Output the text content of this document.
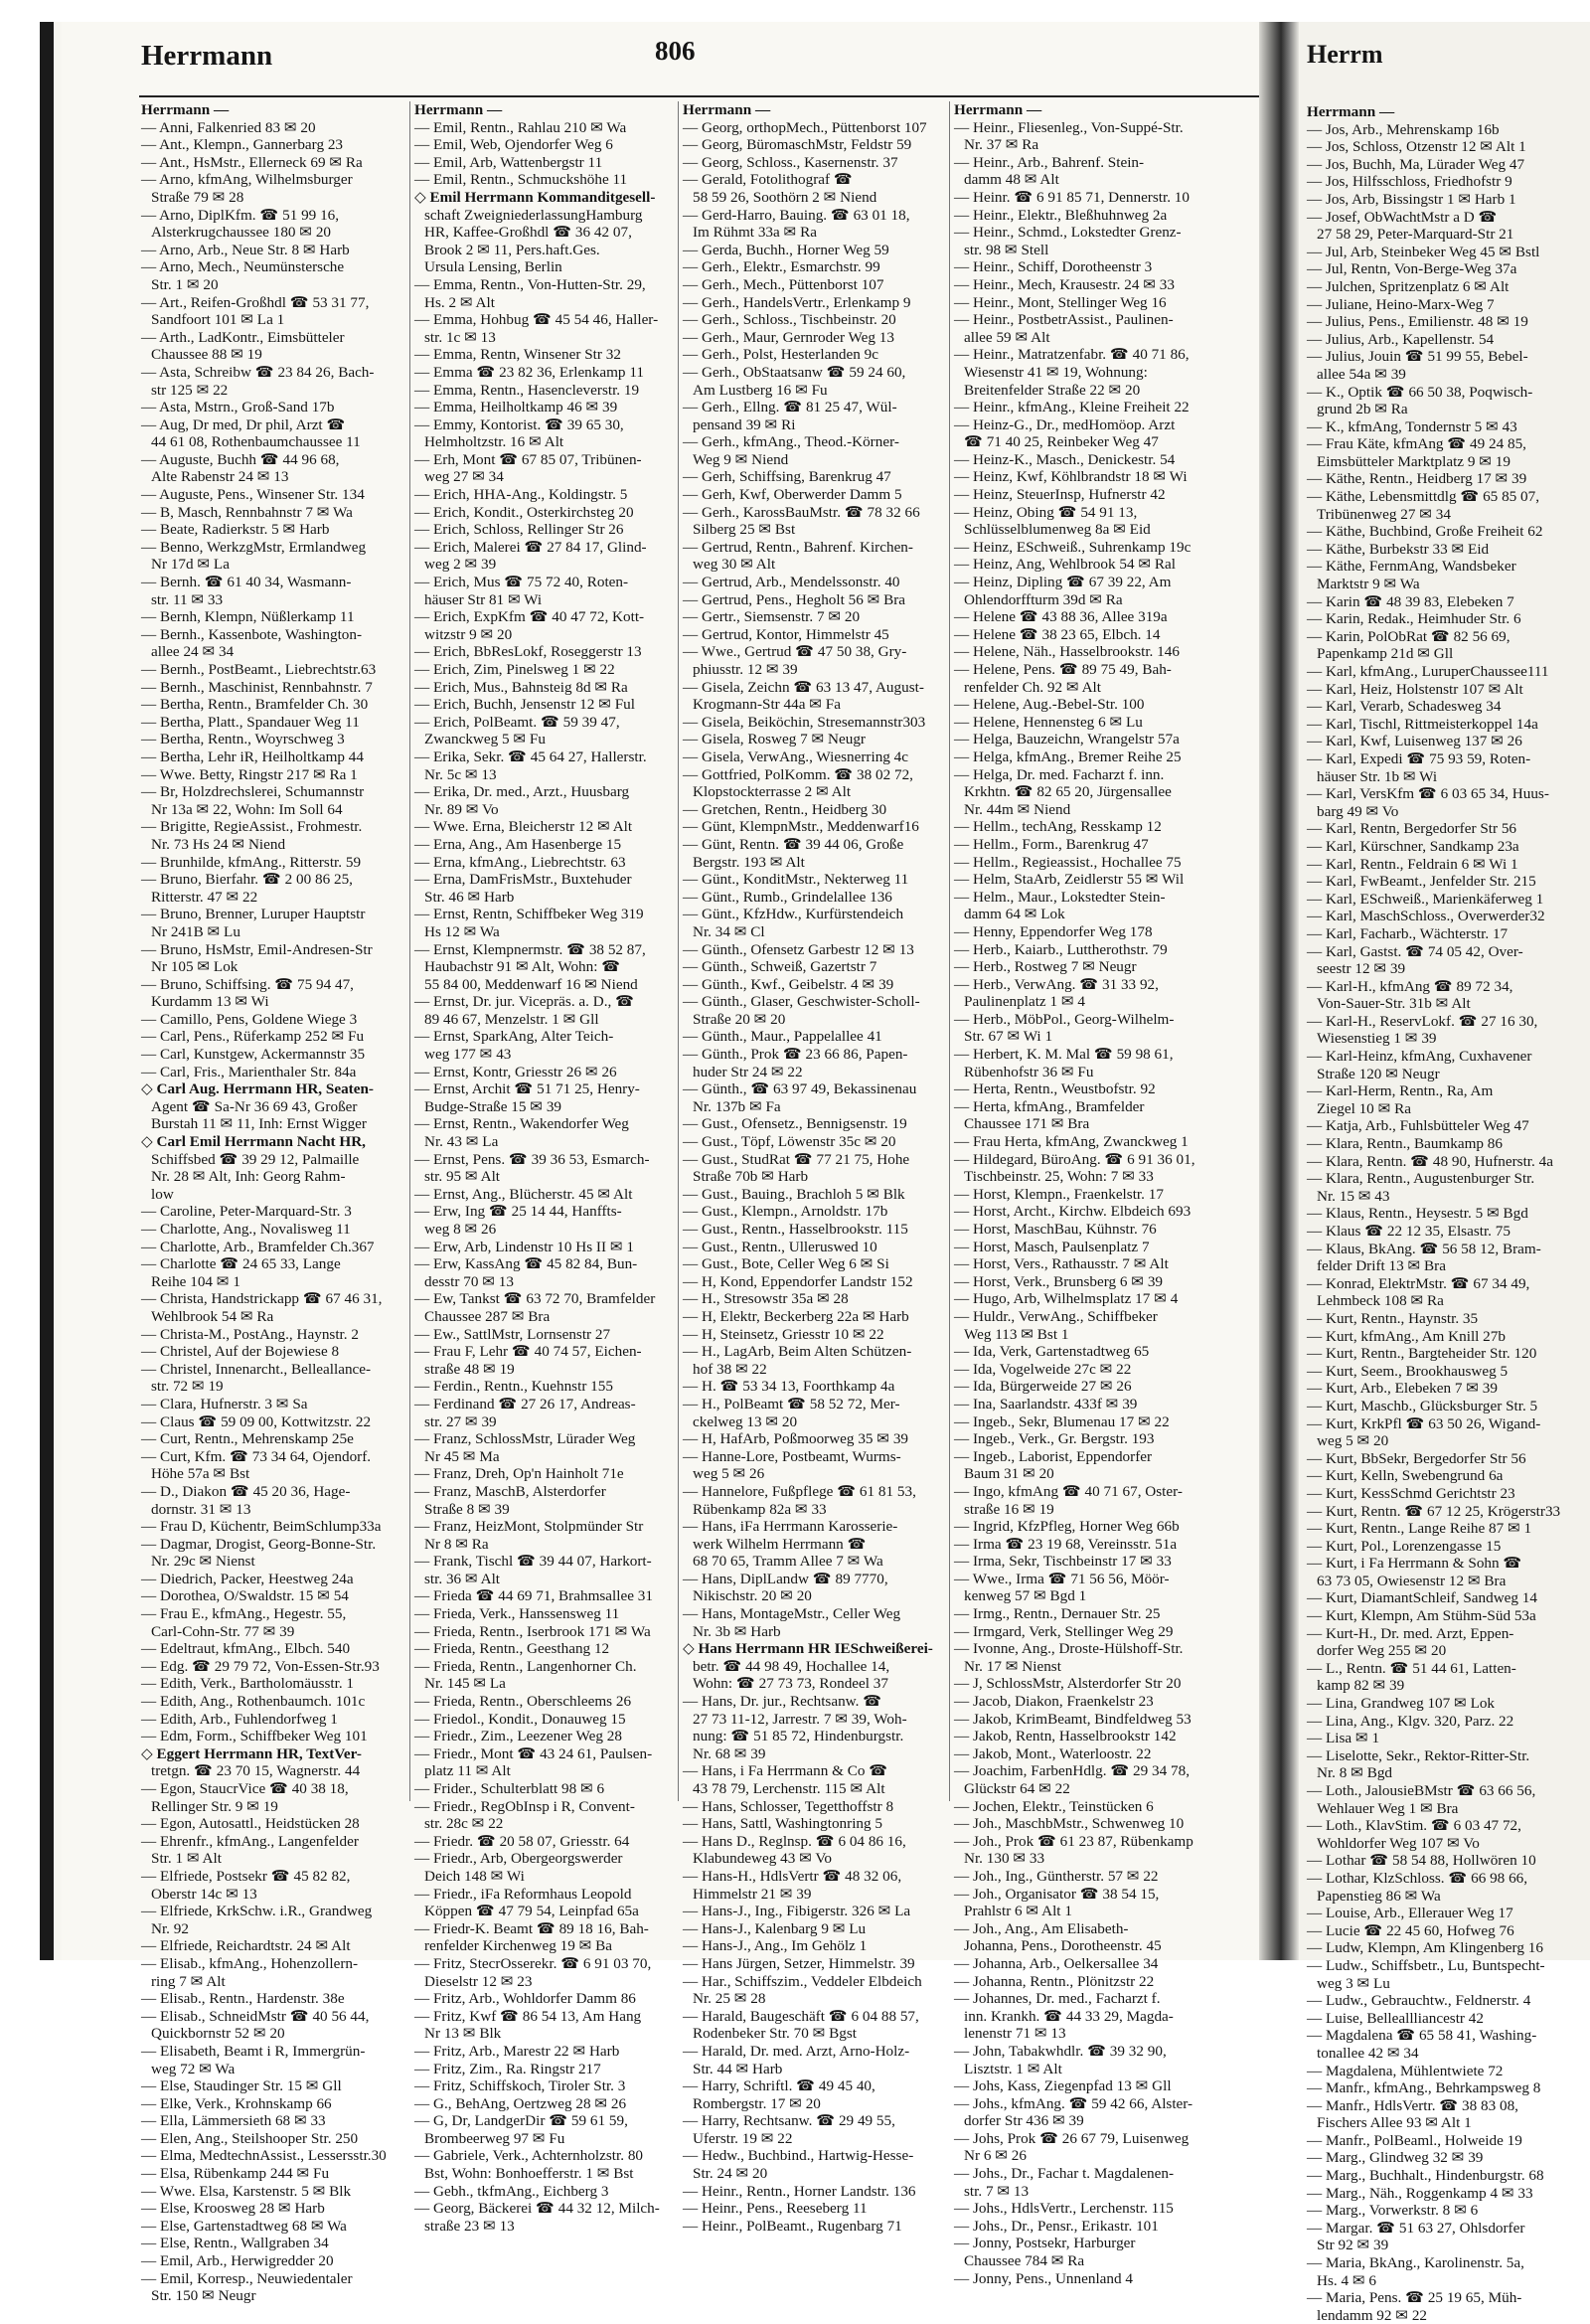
Herrmann	806
Herrmann —
— Anni, Falkenried 83 ✉ 20
— Ant., Klempn., Gannerbarg 23
— Ant., HsMstr., Ellerneck 69 ✉ Ra
— Arno, kfmAng, Wilhelmsburger
Straße 79 ✉ 28
— Arno, DiplKfm. ☎ 51 99 16,
Alsterkrugchaussee 180 ✉ 20
— Arno, Arb., Neue Str. 8 ✉ Harb
— Arno, Mech., Neumünstersche
Str. 1 ✉ 20
— Art., Reifen-Großhdl ☎ 53 31 77,
Sandfoort 101 ✉ La 1
— Arth., LadKontr., Eimsbütteler
Chaussee 88 ✉ 19
— Asta, Schreibw ☎ 23 84 26, Bach-
str 125 ✉ 22
— Asta, Mstrn., Groß-Sand 17b
— Aug, Dr med, Dr phil, Arzt ☎
44 61 08, Rothenbaumchaussee 11
— Auguste, Buchh ☎ 44 96 68,
Alte Rabenstr 24 ✉ 13
— Auguste, Pens., Winsener Str. 134
— B, Masch, Rennbahnstr 7 ✉ Wa
— Beate, Radierkstr. 5 ✉ Harb
— Benno, WerkzgMstr, Ermlandweg
Nr 17d ✉ La
— Bernh. ☎ 61 40 34, Wasmann-
str. 11 ✉ 33
— Bernh, Klempn, Nüßlerkamp 11
— Bernh., Kassenbote, Washington-
allee 24 ✉ 34
— Bernh., PostBeamt., Liebrechtstr.63
— Bernh., Maschinist, Rennbahnstr. 7
— Bertha, Rentn., Bramfelder Ch. 30
— Bertha, Platt., Spandauer Weg 11
— Bertha, Rentn., Woyrschweg 3
— Bertha, Lehr iR, Heilholtkamp 44
— Wwe. Betty, Ringstr 217 ✉ Ra 1
— Br, Holzdrechslerei, Schumannstr
Nr 13a ✉ 22, Wohn: Im Soll 64
— Brigitte, RegieAssist., Frohmestr.
Nr. 73 Hs 24 ✉ Niend
— Brunhilde, kfmAng., Ritterstr. 59
— Bruno, Bierfahr. ☎ 2 00 86 25,
Ritterstr. 47 ✉ 22
— Bruno, Brenner, Luruper Hauptstr
Nr 241B ✉ Lu
— Bruno, HsMstr, Emil-Andresen-Str
Nr 105 ✉ Lok
— Bruno, Schiffsing. ☎ 75 94 47,
Kurdamm 13 ✉ Wi
— Camillo, Pens, Goldene Wiege 3
— Carl, Pens., Rüferkamp 252 ✉ Fu
— Carl, Kunstgew, Ackermannstr 35
— Carl, Fris., Marienthaler Str. 84a
◇ Carl Aug. Herrmann HR, Seaten-
Agent ☎ Sa-Nr 36 69 43, Großer
Burstah 11 ✉ 11, Inh: Ernst Wigger
◇ Carl Emil Herrmann Nacht HR,
Schiffsbed ☎ 39 29 12, Palmaille
Nr. 28 ✉ Alt, Inh: Georg Rahm-
low
— Caroline, Peter-Marquard-Str. 3
— Charlotte, Ang., Novalisweg 11
— Charlotte, Arb., Bramfelder Ch.367
— Charlotte ☎ 24 65 33, Lange
Reihe 104 ✉ 1
— Christa, Handstrickapp ☎ 67 46 31,
Wehlbrook 54 ✉ Ra
— Christa-M., PostAng., Haynstr. 2
— Christel, Auf der Bojewiese 8
— Christel, Innenarcht., Belleallance-
str. 72 ✉ 19
— Clara, Hufnerstr. 3 ✉ Sa
— Claus ☎ 59 09 00, Kottwitzstr. 22
— Curt, Rentn., Mehrenskamp 25e
— Curt, Kfm. ☎ 73 34 64, Ojendorf.
Höhe 57a ✉ Bst
— D., Diakon ☎ 45 20 36, Hage-
dornstr. 31 ✉ 13
— Frau D, Küchentr, BeimSchlump33a
— Dagmar, Drogist, Georg-Bonne-Str.
Nr. 29c ✉ Nienst
— Diedrich, Packer, Heestweg 24a
— Dorothea, O/Swaldstr. 15 ✉ 54
— Frau E., kfmAng., Hegestr. 55,
Carl-Cohn-Str. 77 ✉ 39
— Edeltraut, kfmAng., Elbch. 540
— Edg. ☎ 29 79 72, Von-Essen-Str.93
— Edith, Verk., Bartholomäusstr. 1
— Edith, Ang., Rothenbaumch. 101c
— Edith, Arb., Fuhlendorfweg 1
— Edm, Form., Schiffbeker Weg 101
◇ Eggert Herrmann HR, TextVer-
tretgn. ☎ 23 70 15, Wagnerstr. 44
— Egon, StaucrVice ☎ 40 38 18,
Rellinger Str. 9 ✉ 19
— Egon, Autosattl., Heidstücken 28
— Ehrenfr., kfmAng., Langenfelder
Str. 1 ✉ Alt
— Elfriede, Postsekr ☎ 45 82 82,
Oberstr 14c ✉ 13
— Elfriede, KrkSchw. i.R., Grandweg
Nr. 92
— Elfriede, Reichardtstr. 24 ✉ Alt
— Elisab., kfmAng., Hohenzollern-
ring 7 ✉ Alt
— Elisab., Rentn., Hardenstr. 38e
— Elisab., SchneidMstr ☎ 40 56 44,
Quickbornstr 52 ✉ 20
— Elisabeth, Beamt i R, Immergrün-
weg 72 ✉ Wa
— Else, Staudinger Str. 15 ✉ Gll
— Elke, Verk., Krohnskamp 66
— Ella, Lämmersieth 68 ✉ 33
— Elen, Ang., Steilshooper Str. 250
— Elma, MedtechnAssist., Lessersstr.30
— Elsa, Rübenkamp 244 ✉ Fu
— Wwe. Elsa, Karstenstr. 5 ✉ Blk
— Else, Kroosweg 28 ✉ Harb
— Else, Gartenstadtweg 68 ✉ Wa
— Else, Rentn., Wallgraben 34
— Emil, Arb., Herwigredder 20
— Emil, Korresp., Neuwiedentaler
Str. 150 ✉ Neugr
Herrmann —
— Emil, Rentn., Rahlau 210 ✉ Wa
— Emil, Web, Ojendorfer Weg 6
— Emil, Arb, Wattenbergstr 11
— Emil, Rentn., Schmuckshöhe 11
◇ Emil Herrmann Kommanditgesell-
schaft ZweigniederlassungHamburg
HR, Kaffee-Großhdl ☎ 36 42 07,
Brook 2 ✉ 11, Pers.haft.Ges.
Ursula Lensing, Berlin
— Emma, Rentn., Von-Hutten-Str. 29,
Hs. 2 ✉ Alt
— Emma, Hohbug ☎ 45 54 46, Haller-
str. 1c ✉ 13
— Emma, Rentn, Winsener Str 32
— Emma ☎ 23 82 36, Erlenkamp 11
— Emma, Rentn., Hasencleverstr. 19
— Emma, Heilholtkamp 46 ✉ 39
— Emmy, Kontorist. ☎ 39 65 30,
Helmholtzstr. 16 ✉ Alt
— Erh, Mont ☎ 67 85 07, Tribünen-
weg 27 ✉ 34
— Erich, HHA-Ang., Koldingstr. 5
— Erich, Kondit., Osterkirchsteg 20
— Erich, Schloss, Rellinger Str 26
— Erich, Malerei ☎ 27 84 17, Glind-
weg 2 ✉ 39
— Erich, Mus ☎ 75 72 40, Roten-
häuser Str 81 ✉ Wi
— Erich, ExpKfm ☎ 40 47 72, Kott-
witzstr 9 ✉ 20
— Erich, BbResLokf, Roseggerstr 13
— Erich, Zim, Pinelsweg 1 ✉ 22
— Erich, Mus., Bahnsteig 8d ✉ Ra
— Erich, Buchh, Jensenstr 12 ✉ Ful
— Erich, PolBeamt. ☎ 59 39 47,
Zwanckweg 5 ✉ Fu
— Erika, Sekr. ☎ 45 64 27, Hallerstr.
Nr. 5c ✉ 13
— Erika, Dr. med., Arzt., Huusbarg
Nr. 89 ✉ Vo
— Wwe. Erna, Bleicherstr 12 ✉ Alt
— Erna, Ang., Am Hasenberge 15
— Erna, kfmAng., Liebrechtstr. 63
— Erna, DamFrisMstr., Buxtehuder
Str. 46 ✉ Harb
— Ernst, Rentn, Schiffbeker Weg 319
Hs 12 ✉ Wa
— Ernst, Klempnermstr. ☎ 38 52 87,
Haubachstr 91 ✉ Alt, Wohn: ☎
55 84 00, Meddenwarf 16 ✉ Niend
— Ernst, Dr. jur. Vicepräs. a. D., ☎
89 46 67, Menzelstr. 1 ✉ Gll
— Ernst, SparkAng, Alter Teich-
weg 177 ✉ 43
— Ernst, Kontr, Griesstr 26 ✉ 26
— Ernst, Archit ☎ 51 71 25, Henry-
Budge-Straße 15 ✉ 39
— Ernst, Rentn., Wakendorfer Weg
Nr. 43 ✉ La
— Ernst, Pens. ☎ 39 36 53, Esmarch-
str. 95 ✉ Alt
— Ernst, Ang., Blücherstr. 45 ✉ Alt
— Erw, Ing ☎ 25 14 44, Hanffts-
weg 8 ✉ 26
— Erw, Arb, Lindenstr 10 Hs II ✉ 1
— Erw, KassAng ☎ 45 82 84, Bun-
desstr 70 ✉ 13
— Ew, Tankst ☎ 63 72 70, Bramfelder
Chaussee 287 ✉ Bra
— Ew., SattlMstr, Lornsenstr 27
— Frau F, Lehr ☎ 40 74 57, Eichen-
straße 48 ✉ 19
— Ferdin., Rentn., Kuehnstr 155
— Ferdinand ☎ 27 26 17, Andreas-
str. 27 ✉ 39
— Franz, SchlossMstr, Lürader Weg
Nr 45 ✉ Ma
— Franz, Dreh, Op'n Hainholt 71e
— Franz, MaschB, Alsterdorfer
Straße 8 ✉ 39
— Franz, HeizMont, Stolpmünder Str
Nr 8 ✉ Ra
— Frank, Tischl ☎ 39 44 07, Harkort-
str. 36 ✉ Alt
— Frieda ☎ 44 69 71, Brahmsallee 31
— Frieda, Verk., Hanssensweg 11
— Frieda, Rentn., Iserbrook 171 ✉ Wa
— Frieda, Rentn., Geesthang 12
— Frieda, Rentn., Langenhorner Ch.
Nr. 145 ✉ La
— Frieda, Rentn., Oberschleems 26
— Friedol., Kondit., Donauweg 15
— Friedr., Zim., Leezener Weg 28
— Friedr., Mont ☎ 43 24 61, Paulsen-
platz 11 ✉ Alt
— Frider., Schulterblatt 98 ✉ 6
— Friedr., RegObInsp i R, Convent-
str. 28c ✉ 22
— Friedr. ☎ 20 58 07, Griesstr. 64
— Friedr., Arb, Obergeorgswerder
Deich 148 ✉ Wi
— Friedr., iFa Reformhaus Leopold
Köppen ☎ 47 79 54, Leinpfad 65a
— Friedr-K. Beamt ☎ 89 18 16, Bah-
renfelder Kirchenweg 19 ✉ Ba
— Fritz, StecrOsserekr. ☎ 6 91 03 70,
Dieselstr 12 ✉ 23
— Fritz, Arb., Wohldorfer Damm 86
— Fritz, Kwf ☎ 86 54 13, Am Hang
Nr 13 ✉ Blk
— Fritz, Arb., Marestr 22 ✉ Harb
— Fritz, Zim., Ra. Ringstr 217
— Fritz, Schiffskoch, Tiroler Str. 3
— G., BehAng, Oertzweg 28 ✉ 26
— G, Dr, LandgerDir ☎ 59 61 59,
Brombeerweg 97 ✉ Fu
— Gabriele, Verk., Achternholzstr. 80
Bst, Wohn: Bonhoefferstr. 1 ✉ Bst
— Gebh., tkfmAng., Eichberg 3
— Georg, Bäckerei ☎ 44 32 12, Milch-
straße 23 ✉ 13
Herrmann —
— Georg, orthopMech., Püttenborst 107
— Georg, BüromaschMstr, Feldstr 59
— Georg, Schloss., Kasernenstr. 37
— Gerald, Fotolithograf ☎
58 59 26, Soothörn 2 ✉ Niend
— Gerd-Harro, Bauing. ☎ 63 01 18,
Im Rühmt 33a ✉ Ra
— Gerda, Buchh., Horner Weg 59
— Gerh., Elektr., Esmarchstr. 99
— Gerh., Mech., Püttenborst 107
— Gerh., HandelsVertr., Erlenkamp 9
— Gerh., Schloss., Tischbeinstr. 20
— Gerh., Maur, Gernroder Weg 13
— Gerh., Polst, Hesterlanden 9c
— Gerh., ObStaatsanw ☎ 59 24 60,
Am Lustberg 16 ✉ Fu
— Gerh., Ellng. ☎ 81 25 47, Wül-
pensand 39 ✉ Ri
— Gerh., kfmAng., Theod.-Körner-
Weg 9 ✉ Niend
— Gerh, Schiffsing, Barenkrug 47
— Gerh, Kwf, Oberwerder Damm 5
— Gerh., KarossBauMstr. ☎ 78 32 66
Silberg 25 ✉ Bst
— Gertrud, Rentn., Bahrenf. Kirchen-
weg 30 ✉ Alt
— Gertrud, Arb., Mendelssonstr. 40
— Gertrud, Pens., Hegholt 56 ✉ Bra
— Gertr., Siemsenstr. 7 ✉ 20
— Gertrud, Kontor, Himmelstr 45
— Wwe., Gertrud ☎ 47 50 38, Gry-
phiusstr. 12 ✉ 39
— Gisela, Zeichn ☎ 63 13 47, August-
Krogmann-Str 44a ✉ Fa
— Gisela, Beiköchin, Stresemannstr303
— Gisela, Rosweg 7 ✉ Neugr
— Gisela, VerwAng., Wiesnerring 4c
— Gottfried, PolKomm. ☎ 38 02 72,
Klopstockterrasse 2 ✉ Alt
— Gretchen, Rentn., Heidberg 30
— Günt, KlempnMstr., Meddenwarf16
— Günt, Rentn. ☎ 39 44 06, Große
Bergstr. 193 ✉ Alt
— Günt., KonditMstr., Nekterweg 11
— Günt., Rumb., Grindelallee 136
— Günt., KfzHdw., Kurfürstendeich
Nr. 34 ✉ Cl
— Günth., Ofensetz Garbestr 12 ✉ 13
— Günth., Schweiß, Gazertstr 7
— Günth., Kwf., Geibelstr. 4 ✉ 39
— Günth., Glaser, Geschwister-Scholl-
Straße 20 ✉ 20
— Günth., Maur., Pappelallee 41
— Günth., Prok ☎ 23 66 86, Papen-
huder Str 24 ✉ 22
— Günth., ☎ 63 97 49, Bekassinenau
Nr. 137b ✉ Fa
— Gust., Ofensetz., Bennigsenstr. 19
— Gust., Töpf, Löwenstr 35c ✉ 20
— Gust., StudRat ☎ 77 21 75, Hohe
Straße 70b ✉ Harb
— Gust., Bauing., Brachloh 5 ✉ Blk
— Gust., Klempn., Arnoldstr. 17b
— Gust., Rentn., Hasselbrookstr. 115
— Gust., Rentn., Ulleruswed 10
— Gust., Bote, Celler Weg 6 ✉ Si
— H, Kond, Eppendorfer Landstr 152
— H., Stresowstr 35a ✉ 28
— H, Elektr, Beckerberg 22a ✉ Harb
— H, Steinsetz, Griesstr 10 ✉ 22
— H., LagArb, Beim Alten Schützen-
hof 38 ✉ 22
— H. ☎ 53 34 13, Foorthkamp 4a
— H., PolBeamt ☎ 58 52 72, Mer-
ckelweg 13 ✉ 20
— H, HafArb, Poßmoorweg 35 ✉ 39
— Hanne-Lore, Postbeamt, Wurms-
weg 5 ✉ 26
— Hannelore, Fußpflege ☎ 61 81 53,
Rübenkamp 82a ✉ 33
— Hans, iFa Herrmann Karosserie-
werk Wilhelm Herrmann ☎
68 70 65, Tramm Allee 7 ✉ Wa
— Hans, DiplLandw ☎ 89 7770,
Nikischstr. 20 ✉ 20
— Hans, MontageMstr., Celler Weg
Nr. 3b ✉ Harb
◇ Hans Herrmann HR IESchweißerei-
betr. ☎ 44 98 49, Hochallee 14,
Wohn: ☎ 27 73 73, Rondeel 37
— Hans, Dr. jur., Rechtsanw. ☎
27 73 11-12, Jarrestr. 7 ✉ 39, Woh-
nung: ☎ 51 85 72, Hindenburgstr.
Nr. 68 ✉ 39
— Hans, i Fa Herrmann & Co ☎
43 78 79, Lerchenstr. 115 ✉ Alt
— Hans, Schlosser, Tegetthoffstr 8
— Hans, Sattl, Washingtonring 5
— Hans D., Reglnsp. ☎ 6 04 86 16,
Klabundeweg 43 ✉ Vo
— Hans-H., HdlsVertr ☎ 48 32 06,
Himmelstr 21 ✉ 39
— Hans-J., Ing., Fibigerstr. 326 ✉ La
— Hans-J., Kalenbarg 9 ✉ Lu
— Hans-J., Ang., Im Gehölz 1
— Hans Jürgen, Setzer, Himmelstr. 39
— Har., Schiffszim., Veddeler Elbdeich
Nr. 25 ✉ 28
— Harald, Baugeschäft ☎ 6 04 88 57,
Rodenbeker Str. 70 ✉ Bgst
— Harald, Dr. med. Arzt, Arno-Holz-
Str. 44 ✉ Harb
— Harry, Schriftl. ☎ 49 45 40,
Rombergstr. 17 ✉ 20
— Harry, Rechtsanw. ☎ 29 49 55,
Uferstr. 19 ✉ 22
— Hedw., Buchbind., Hartwig-Hesse-
Str. 24 ✉ 20
— Heinr., Rentn., Horner Landstr. 136
— Heinr., Pens., Reeseberg 11
— Heinr., PolBeamt., Rugenbarg 71
Herrmann —
— Heinr., Fliesenleg., Von-Suppé-Str.
Nr. 37 ✉ Ra
— Heinr., Arb., Bahrenf. Stein-
damm 48 ✉ Alt
— Heinr. ☎ 6 91 85 71, Dennerstr. 10
— Heinr., Elektr., Bleßhuhnweg 2a
— Heinr., Schmd., Lokstedter Grenz-
str. 98 ✉ Stell
— Heinr., Schiff, Dorotheenstr 3
— Heinr., Mech, Krausestr. 24 ✉ 33
— Heinr., Mont, Stellinger Weg 16
— Heinr., PostbetrAssist., Paulinen-
allee 59 ✉ Alt
— Heinr., Matratzenfabr. ☎ 40 71 86,
Wiesenstr 41 ✉ 19, Wohnung:
Breitenfelder Straße 22 ✉ 20
— Heinr., kfmAng., Kleine Freiheit 22
— Heinz-G., Dr., medHomöop. Arzt
☎ 71 40 25, Reinbeker Weg 47
— Heinz-K., Masch., Denickestr. 54
— Heinz, Kwf, Köhlbrandstr 18 ✉ Wi
— Heinz, SteuerInsp, Hufnerstr 42
— Heinz, Obing ☎ 54 91 13,
Schlüsselblumenweg 8a ✉ Eid
— Heinz, ESchweiß., Suhrenkamp 19c
— Heinz, Ang, Wehlbrook 54 ✉ Ral
— Heinz, Dipling ☎ 67 39 22, Am
Ohlendorffturm 39d ✉ Ra
— Helene ☎ 43 88 36, Allee 319a
— Helene ☎ 38 23 65, Elbch. 14
— Helene, Näh., Hasselbrookstr. 146
— Helene, Pens. ☎ 89 75 49, Bah-
renfelder Ch. 92 ✉ Alt
— Helene, Aug.-Bebel-Str. 100
— Helene, Hennensteg 6 ✉ Lu
— Helga, Bauzeichn, Wrangelstr 57a
— Helga, kfmAng., Bremer Reihe 25
— Helga, Dr. med. Facharzt f. inn.
Krkhtn. ☎ 82 65 20, Jürgensallee
Nr. 44m ✉ Niend
— Hellm., techAng, Resskamp 12
— Hellm., Form., Barenkrug 47
— Hellm., Regieassist., Hochallee 75
— Helm, StaArb, Zeidlerstr 55 ✉ Wil
— Helm., Maur., Lokstedter Stein-
damm 64 ✉ Lok
— Henny, Eppendorfer Weg 178
— Herb., Kaiarb., Luttherothstr. 79
— Herb., Rostweg 7 ✉ Neugr
— Herb., VerwAng. ☎ 31 33 92,
Paulinenplatz 1 ✉ 4
— Herb., MöbPol., Georg-Wilhelm-
Str. 67 ✉ Wi 1
— Herbert, K. M. Mal ☎ 59 98 61,
Rübenhofstr 36 ✉ Fu
— Herta, Rentn., Weustbofstr. 92
— Herta, kfmAng., Bramfelder
Chaussee 171 ✉ Bra
— Frau Herta, kfmAng, Zwanckweg 1
— Hildegard, BüroAng. ☎ 6 91 36 01,
Tischbeinstr. 25, Wohn: 7 ✉ 33
— Horst, Klempn., Fraenkelstr. 17
— Horst, Archt., Kirchw. Elbdeich 693
— Horst, MaschBau, Kühnstr. 76
— Horst, Masch, Paulsenplatz 7
— Horst, Vers., Rathausstr. 7 ✉ Alt
— Horst, Verk., Brunsberg 6 ✉ 39
— Hugo, Arb, Wilhelmsplatz 17 ✉ 4
— Huldr., VerwAng., Schiffbeker
Weg 113 ✉ Bst 1
— Ida, Verk, Gartenstadtweg 65
— Ida, Vogelweide 27c ✉ 22
— Ida, Bürgerweide 27 ✉ 26
— Ina, Saarlandstr. 433f ✉ 39
— Ingeb., Sekr, Blumenau 17 ✉ 22
— Ingeb., Verk., Gr. Bergstr. 193
— Ingeb., Laborist, Eppendorfer
Baum 31 ✉ 20
— Ingo, kfmAng ☎ 40 71 67, Oster-
straße 16 ✉ 19
— Ingrid, KfzPfleg, Horner Weg 66b
— Irma ☎ 23 19 68, Vereinsstr. 51a
— Irma, Sekr, Tischbeinstr 17 ✉ 33
— Wwe., Irma ☎ 71 56 56, Möör-
kenweg 57 ✉ Bgd 1
— Irmg., Rentn., Dernauer Str. 25
— Irmgard, Verk, Stellinger Weg 29
— Ivonne, Ang., Droste-Hülshoff-Str.
Nr. 17 ✉ Nienst
— J, SchlossMstr, Alsterdorfer Str 20
— Jacob, Diakon, Fraenkelstr 23
— Jakob, KrimBeamt, Bindfeldweg 53
— Jakob, Rentn, Hasselbrookstr 142
— Jakob, Mont., Waterloostr. 22
— Joachim, FarbenHdlg. ☎ 29 34 78,
Glückstr 64 ✉ 22
— Jochen, Elektr., Teinstücken 6
— Joh., MaschbMstr., Schwenweg 10
— Joh., Prok ☎ 61 23 87, Rübenkamp
Nr. 130 ✉ 33
— Joh., Ing., Güntherstr. 57 ✉ 22
— Joh., Organisator ☎ 38 54 15,
Prahlstr 6 ✉ Alt 1
— Joh., Ang., Am Elisabeth-
Johanna, Pens., Dorotheenstr. 45
— Johanna, Arb., Oelkersallee 34
— Johanna, Rentn., Plönitzstr 22
— Johannes, Dr. med., Facharzt f.
inn. Krankh. ☎ 44 33 29, Magda-
lenenstr 71 ✉ 13
— John, Tabakwhdlr. ☎ 39 32 90,
Lisztstr. 1 ✉ Alt
— Johs, Kass, Ziegenpfad 13 ✉ Gll
— Johs., kfmAng. ☎ 59 42 66, Alster-
dorfer Str 436 ✉ 39
— Johs, Prok ☎ 26 67 79, Luisenweg
Nr 6 ✉ 26
— Johs., Dr., Fachar t. Magdalenen-
str. 7 ✉ 13
— Johs., HdlsVertr., Lerchenstr. 115
— Johs., Dr., Pensr., Erikastr. 101
— Jonny, Postsekr, Harburger
Chaussee 784 ✉ Ra
— Jonny, Pens., Unnenland 4
Herrm
Herrmann —
— Jos, Arb., Mehrenskamp 16b
— Jos, Schloss, Otzenstr 12 ✉ Alt 1
— Jos, Buchh, Ma, Lürader Weg 47
— Jos, Hilfsschloss, Friedhofstr 9
— Jos, Arb, Bissingstr 1 ✉ Harb 1
— Josef, ObWachtMstr a D ☎
27 58 29, Peter-Marquard-Str 21
— Jul, Arb, Steinbeker Weg 45 ✉ Bstl
— Jul, Rentn, Von-Berge-Weg 37a
— Julchen, Spritzenplatz 6 ✉ Alt
— Juliane, Heino-Marx-Weg 7
— Julius, Pens., Emilienstr. 48 ✉ 19
— Julius, Arb., Kapellenstr. 54
— Julius, Jouin ☎ 51 99 55, Bebel-
allee 54a ✉ 39
— K., Optik ☎ 66 50 38, Poqwisch-
grund 2b ✉ Ra
— K., kfmAng, Tondernstr 5 ✉ 43
— Frau Käte, kfmAng ☎ 49 24 85,
Eimsbütteler Marktplatz 9 ✉ 19
— Käthe, Rentn., Heidberg 17 ✉ 39
— Käthe, Lebensmittdlg ☎ 65 85 07,
Tribünenweg 27 ✉ 34
— Käthe, Buchbind, Große Freiheit 62
— Käthe, Burbekstr 33 ✉ Eid
— Käthe, FernmAng, Wandsbeker
Marktstr 9 ✉ Wa
— Karin ☎ 48 39 83, Elebeken 7
— Karin, Redak., Heimhuder Str. 6
— Karin, PolObRat ☎ 82 56 69,
Papenkamp 21d ✉ Gll
— Karl, kfmAng., LuruperChaussee111
— Karl, Heiz, Holstenstr 107 ✉ Alt
— Karl, Verarb, Schadesweg 34
— Karl, Tischl, Rittmeisterkoppel 14a
— Karl, Kwf, Luisenweg 137 ✉ 26
— Karl, Expedi ☎ 75 93 59, Roten-
häuser Str. 1b ✉ Wi
— Karl, VersKfm ☎ 6 03 65 34, Huus-
barg 49 ✉ Vo
— Karl, Rentn, Bergedorfer Str 56
— Karl, Kürschner, Sandkamp 23a
— Karl, Rentn., Feldrain 6 ✉ Wi 1
— Karl, FwBeamt., Jenfelder Str. 215
— Karl, ESchweiß., Marienkäferweg 1
— Karl, MaschSchloss., Overwerder32
— Karl, Facharb., Wächterstr. 17
— Karl, Gastst. ☎ 74 05 42, Over-
seestr 12 ✉ 39
— Karl-H., kfmAng ☎ 89 72 34,
Von-Sauer-Str. 31b ✉ Alt
— Karl-H., ReservLokf. ☎ 27 16 30,
Wiesenstieg 1 ✉ 39
— Karl-Heinz, kfmAng, Cuxhavener
Straße 120 ✉ Neugr
— Karl-Herm, Rentn., Ra, Am
Ziegel 10 ✉ Ra
— Katja, Arb., Fuhlsbütteler Weg 47
— Klara, Rentn., Baumkamp 86
— Klara, Rentn. ☎ 48 90, Hufnerstr. 4a
— Klara, Rentn., Augustenburger Str.
Nr. 15 ✉ 43
— Klaus, Rentn., Heysestr. 5 ✉ Bgd
— Klaus ☎ 22 12 35, Elsastr. 75
— Klaus, BkAng. ☎ 56 58 12, Bram-
felder Drift 13 ✉ Bra
— Konrad, ElektrMstr. ☎ 67 34 49,
Lehmbeck 108 ✉ Ra
— Kurt, Rentn., Haynstr. 35
— Kurt, kfmAng., Am Knill 27b
— Kurt, Rentn., Bargteheider Str. 120
— Kurt, Seem., Brookhausweg 5
— Kurt, Arb., Elebeken 7 ✉ 39
— Kurt, Maschb., Glücksburger Str. 5
— Kurt, KrkPfl ☎ 63 50 26, Wigand-
weg 5 ✉ 20
— Kurt, BbSekr, Bergedorfer Str 56
— Kurt, Kelln, Swebengrund 6a
— Kurt, KessSchmd Gerichtstr 23
— Kurt, Rentn. ☎ 67 12 25, Krögerstr33
— Kurt, Rentn., Lange Reihe 87 ✉ 1
— Kurt, Pol., Lorenzengasse 15
— Kurt, i Fa Herrmann & Sohn ☎
63 73 05, Owiesenstr 12 ✉ Bra
— Kurt, DiamantSchleif, Sandweg 14
— Kurt, Klempn, Am Stühm-Süd 53a
— Kurt-H., Dr. med. Arzt, Eppen-
dorfer Weg 255 ✉ 20
— L., Rentn. ☎ 51 44 61, Latten-
kamp 82 ✉ 39
— Lina, Grandweg 107 ✉ Lok
— Lina, Ang., Klgv. 320, Parz. 22
— Lisa ✉ 1
— Liselotte, Sekr., Rektor-Ritter-Str.
Nr. 8 ✉ Bgd
— Loth., JalousieBMstr ☎ 63 66 56,
Wehlauer Weg 1 ✉ Bra
— Loth., KlavStim. ☎ 6 03 47 72,
Wohldorfer Weg 107 ✉ Vo
— Lothar ☎ 58 54 88, Hollwören 10
— Lothar, KlzSchloss. ☎ 66 98 66,
Papenstieg 86 ✉ Wa
— Louise, Arb., Ellerauer Weg 17
— Lucie ☎ 22 45 60, Hofweg 76
— Ludw, Klempn, Am Klingenberg 16
— Ludw., Schiffsbetr., Lu, Buntspecht-
weg 3 ✉ Lu
— Ludw., Gebrauchtw., Feldnerstr. 4
— Luise, Belleallliancestr 42
— Magdalena ☎ 65 58 41, Washing-
tonallee 42 ✉ 34
— Magdalena, Mühlentwiete 72
— Manfr., kfmAng., Behrkampsweg 8
— Manfr., HdlsVertr. ☎ 38 83 08,
Fischers Allee 93 ✉ Alt 1
— Manfr., PolBeaml., Holweide 19
— Marg., Glindweg 32 ✉ 39
— Marg., Buchhalt., Hindenburgstr. 68
— Marg., Näh., Roggenkamp 4 ✉ 33
— Marg., Vorwerkstr. 8 ✉ 6
— Margar. ☎ 51 63 27, Ohlsdorfer
Str 92 ✉ 39
— Maria, BkAng., Karolinenstr. 5a,
Hs. 4 ✉ 6
— Maria, Pens. ☎ 25 19 65, Müh-
lendamm 92 ✉ 22
